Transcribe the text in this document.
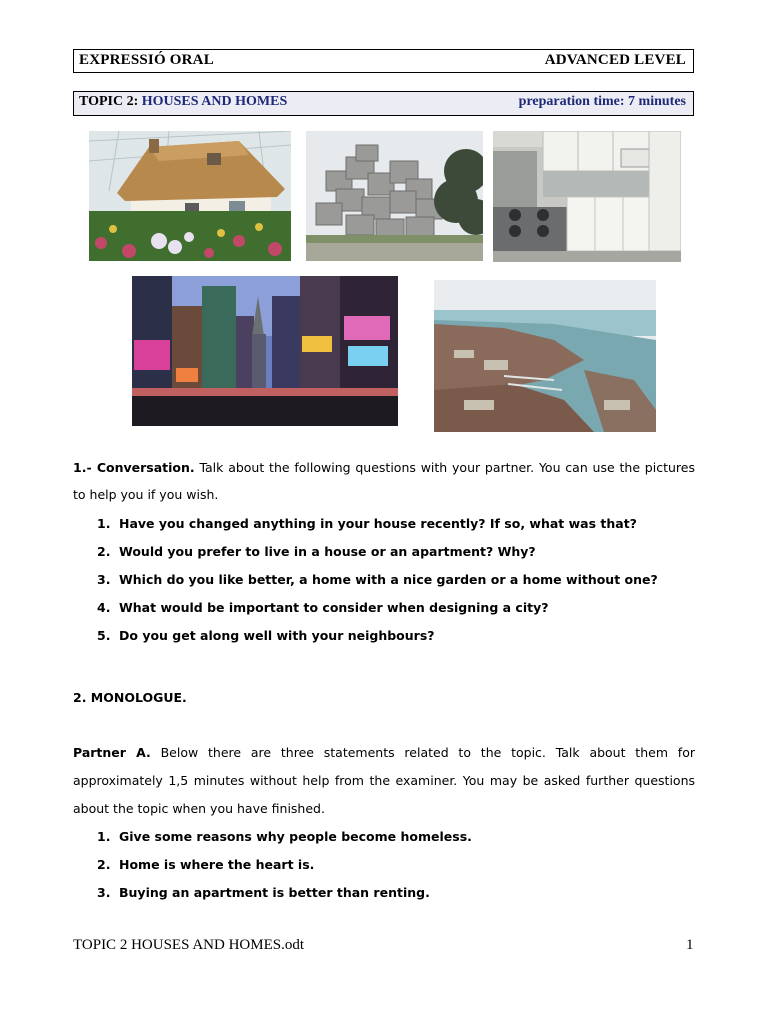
EXPRESSIÓ ORAL	ADVANCED LEVEL
TOPIC 2: HOUSES AND HOMES	preparation time: 7 minutes
1.- Conversation. Talk about the following questions with your partner. You can use the pictures
to help you if you wish.
1. Have you changed anything in your house recently? If so, what was that?
2. Would you prefer to live in a house or an apartment? Why?
3. Which do you like better, a home with a nice garden or a home without one?
4. What would be important to consider when designing a city?
5. Do you get along well with your neighbours?
2. MONOLOGUE.
Partner A. Below there are three statements related to the topic. Talk about them for
approximately 1,5 minutes without help from the examiner. You may be asked further questions
about the topic when you have finished.
1. Give some reasons why people become homeless.
2. Home is where the heart is.
3. Buying an apartment is better than renting.
TOPIC 2 HOUSES AND HOMES.odt	1
